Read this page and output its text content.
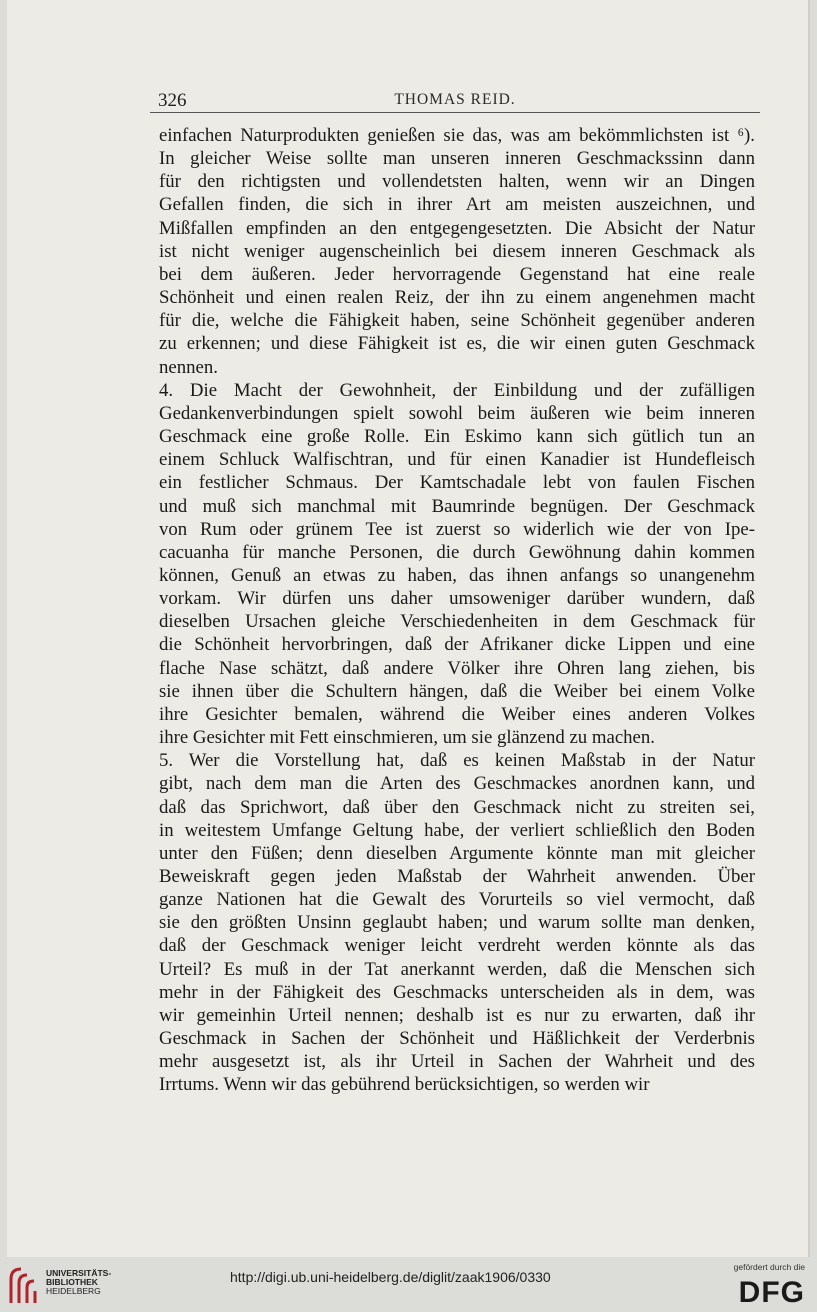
326	THOMAS REID.
einfachen Naturprodukten genießen sie das, was am bekömmlichsten ist ⁶).
In gleicher Weise sollte man unseren inneren Geschmackssinn dann
für den richtigsten und vollendetsten halten, wenn wir an Dingen
Gefallen finden, die sich in ihrer Art am meisten auszeichnen, und
Mißfallen empfinden an den entgegengesetzten. Die Absicht der Natur
ist nicht weniger augenscheinlich bei diesem inneren Geschmack als
bei dem äußeren. Jeder hervorragende Gegenstand hat eine reale
Schönheit und einen realen Reiz, der ihn zu einem angenehmen macht
für die, welche die Fähigkeit haben, seine Schönheit gegenüber anderen
zu erkennen; und diese Fähigkeit ist es, die wir einen guten Geschmack
nennen.
4. Die Macht der Gewohnheit, der Einbildung und der zufälligen
Gedankenverbindungen spielt sowohl beim äußeren wie beim inneren
Geschmack eine große Rolle. Ein Eskimo kann sich gütlich tun an
einem Schluck Walfischtran, und für einen Kanadier ist Hundefleisch
ein festlicher Schmaus. Der Kamtschadale lebt von faulen Fischen
und muß sich manchmal mit Baumrinde begnügen. Der Geschmack
von Rum oder grünem Tee ist zuerst so widerlich wie der von Ipe-
cacuanha für manche Personen, die durch Gewöhnung dahin kommen
können, Genuß an etwas zu haben, das ihnen anfangs so unangenehm
vorkam. Wir dürfen uns daher umsoweniger darüber wundern, daß
dieselben Ursachen gleiche Verschiedenheiten in dem Geschmack für
die Schönheit hervorbringen, daß der Afrikaner dicke Lippen und eine
flache Nase schätzt, daß andere Völker ihre Ohren lang ziehen, bis
sie ihnen über die Schultern hängen, daß die Weiber bei einem Volke
ihre Gesichter bemalen, während die Weiber eines anderen Volkes
ihre Gesichter mit Fett einschmieren, um sie glänzend zu machen.
5. Wer die Vorstellung hat, daß es keinen Maßstab in der Natur
gibt, nach dem man die Arten des Geschmackes anordnen kann, und
daß das Sprichwort, daß über den Geschmack nicht zu streiten sei,
in weitestem Umfange Geltung habe, der verliert schließlich den Boden
unter den Füßen; denn dieselben Argumente könnte man mit gleicher
Beweiskraft gegen jeden Maßstab der Wahrheit anwenden. Über
ganze Nationen hat die Gewalt des Vorurteils so viel vermocht, daß
sie den größten Unsinn geglaubt haben; und warum sollte man denken,
daß der Geschmack weniger leicht verdreht werden könnte als das
Urteil? Es muß in der Tat anerkannt werden, daß die Menschen sich
mehr in der Fähigkeit des Geschmacks unterscheiden als in dem, was
wir gemeinhin Urteil nennen; deshalb ist es nur zu erwarten, daß ihr
Geschmack in Sachen der Schönheit und Häßlichkeit der Verderbnis
mehr ausgesetzt ist, als ihr Urteil in Sachen der Wahrheit und des
Irrtums. Wenn wir das gebührend berücksichtigen, so werden wir
UNIVERSITÄTS-
BIBLIOTHEK
HEIDELBERG
http://digi.ub.uni-heidelberg.de/diglit/zaak1906/0330
gefördert durch die
DFG
